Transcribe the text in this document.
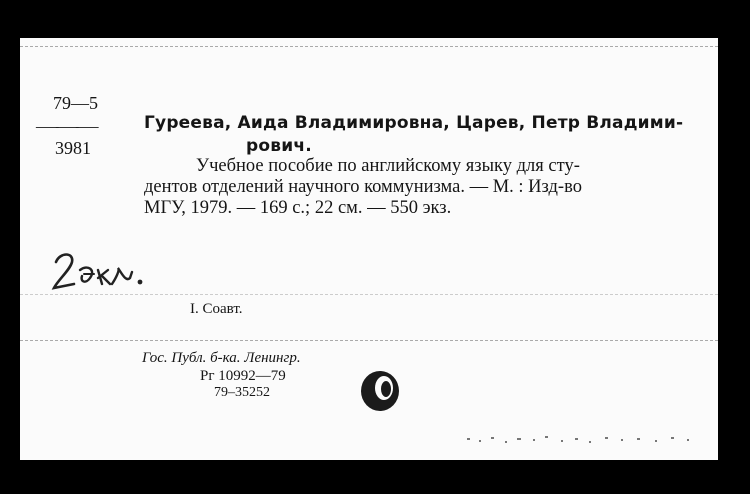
79—5
———
3981
Гуреева, Аида Владимировна, Царев, Петр Владими-
рович.
Учебное пособие по английскому языку для сту-
дентов отделений научного коммунизма. — М. : Изд-во
МГУ, 1979. — 169 с.; 22 см. — 550 экз.
I. Соавт.
Гос. Публ. б-ка. Ленингр.
Рг 10992—79
79–35252
